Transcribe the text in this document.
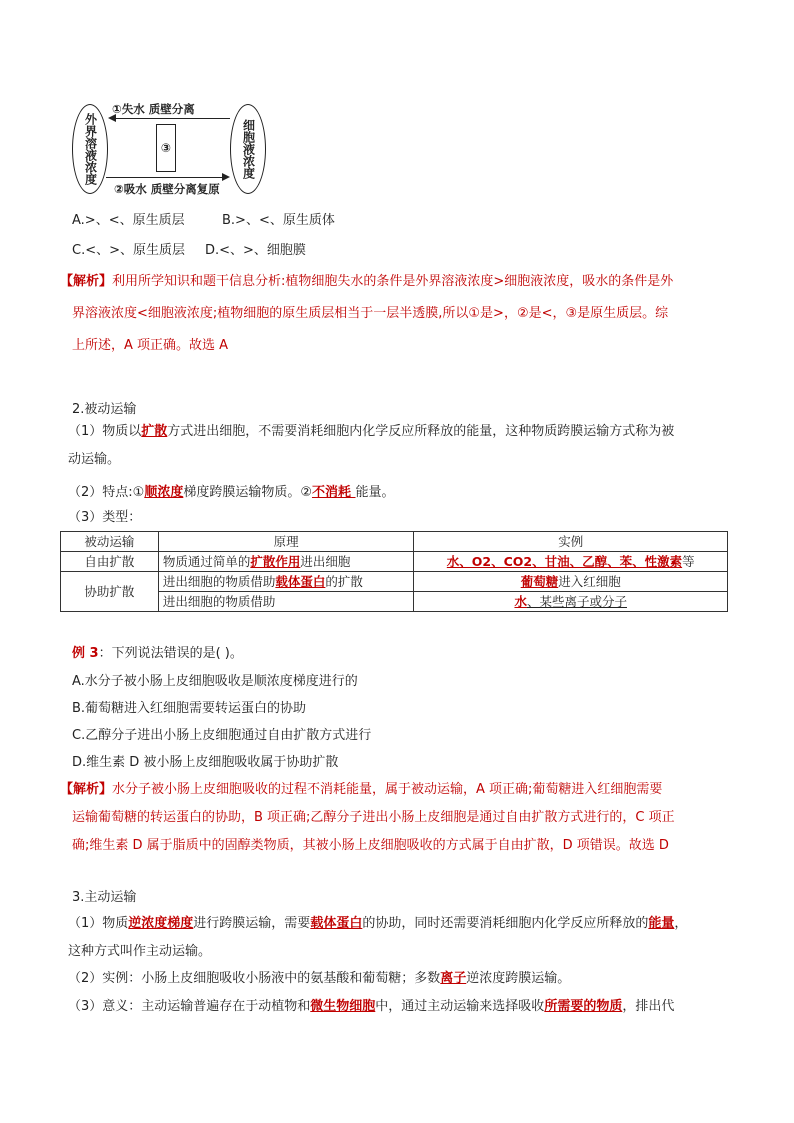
外界溶液浓度	细胞液浓度
①失水 质壁分离
③
②吸水 质壁分离复原
A.>、<、原生质层	B.>、<、原生质体
C.<、>、原生质层 D.<、>、细胞膜
【解析】利用所学知识和题干信息分析:植物细胞失水的条件是外界溶液浓度>细胞液浓度，吸水的条件是外
界溶液浓度<细胞液浓度;植物细胞的原生质层相当于一层半透膜,所以①是>，②是<，③是原生质层。综
上所述，A 项正确。故选 A
2.被动运输
（1）物质以扩散方式进出细胞，不需要消耗细胞内化学反应所释放的能量，这种物质跨膜运输方式称为被
动运输。
（2）特点:①顺浓度梯度跨膜运输物质。②不消耗 能量。
（3）类型：
被动运输	原理	实例
自由扩散	物质通过简单的扩散作用进出细胞	水、O2、CO2、甘油、乙醇、苯、性激素等
协助扩散	进出细胞的物质借助载体蛋白的扩散	葡萄糖进入红细胞
	进出细胞的物质借助	水、某些离子或分子
例 3：下列说法错误的是( )。
A.水分子被小肠上皮细胞吸收是顺浓度梯度进行的
B.葡萄糖进入红细胞需要转运蛋白的协助
C.乙醇分子进出小肠上皮细胞通过自由扩散方式进行
D.维生素 D 被小肠上皮细胞吸收属于协助扩散
【解析】水分子被小肠上皮细胞吸收的过程不消耗能量，属于被动运输，A 项正确;葡萄糖进入红细胞需要
运输葡萄糖的转运蛋白的协助，B 项正确;乙醇分子进出小肠上皮细胞是通过自由扩散方式进行的，C 项正
确;维生素 D 属于脂质中的固醇类物质，其被小肠上皮细胞吸收的方式属于自由扩散，D 项错误。故选 D
3.主动运输
（1）物质逆浓度梯度进行跨膜运输，需要载体蛋白的协助，同时还需要消耗细胞内化学反应所释放的能量，
这种方式叫作主动运输。
（2）实例：小肠上皮细胞吸收小肠液中的氨基酸和葡萄糖；多数离子逆浓度跨膜运输。
（3）意义：主动运输普遍存在于动植物和微生物细胞中，通过主动运输来选择吸收所需要的物质，排出代
